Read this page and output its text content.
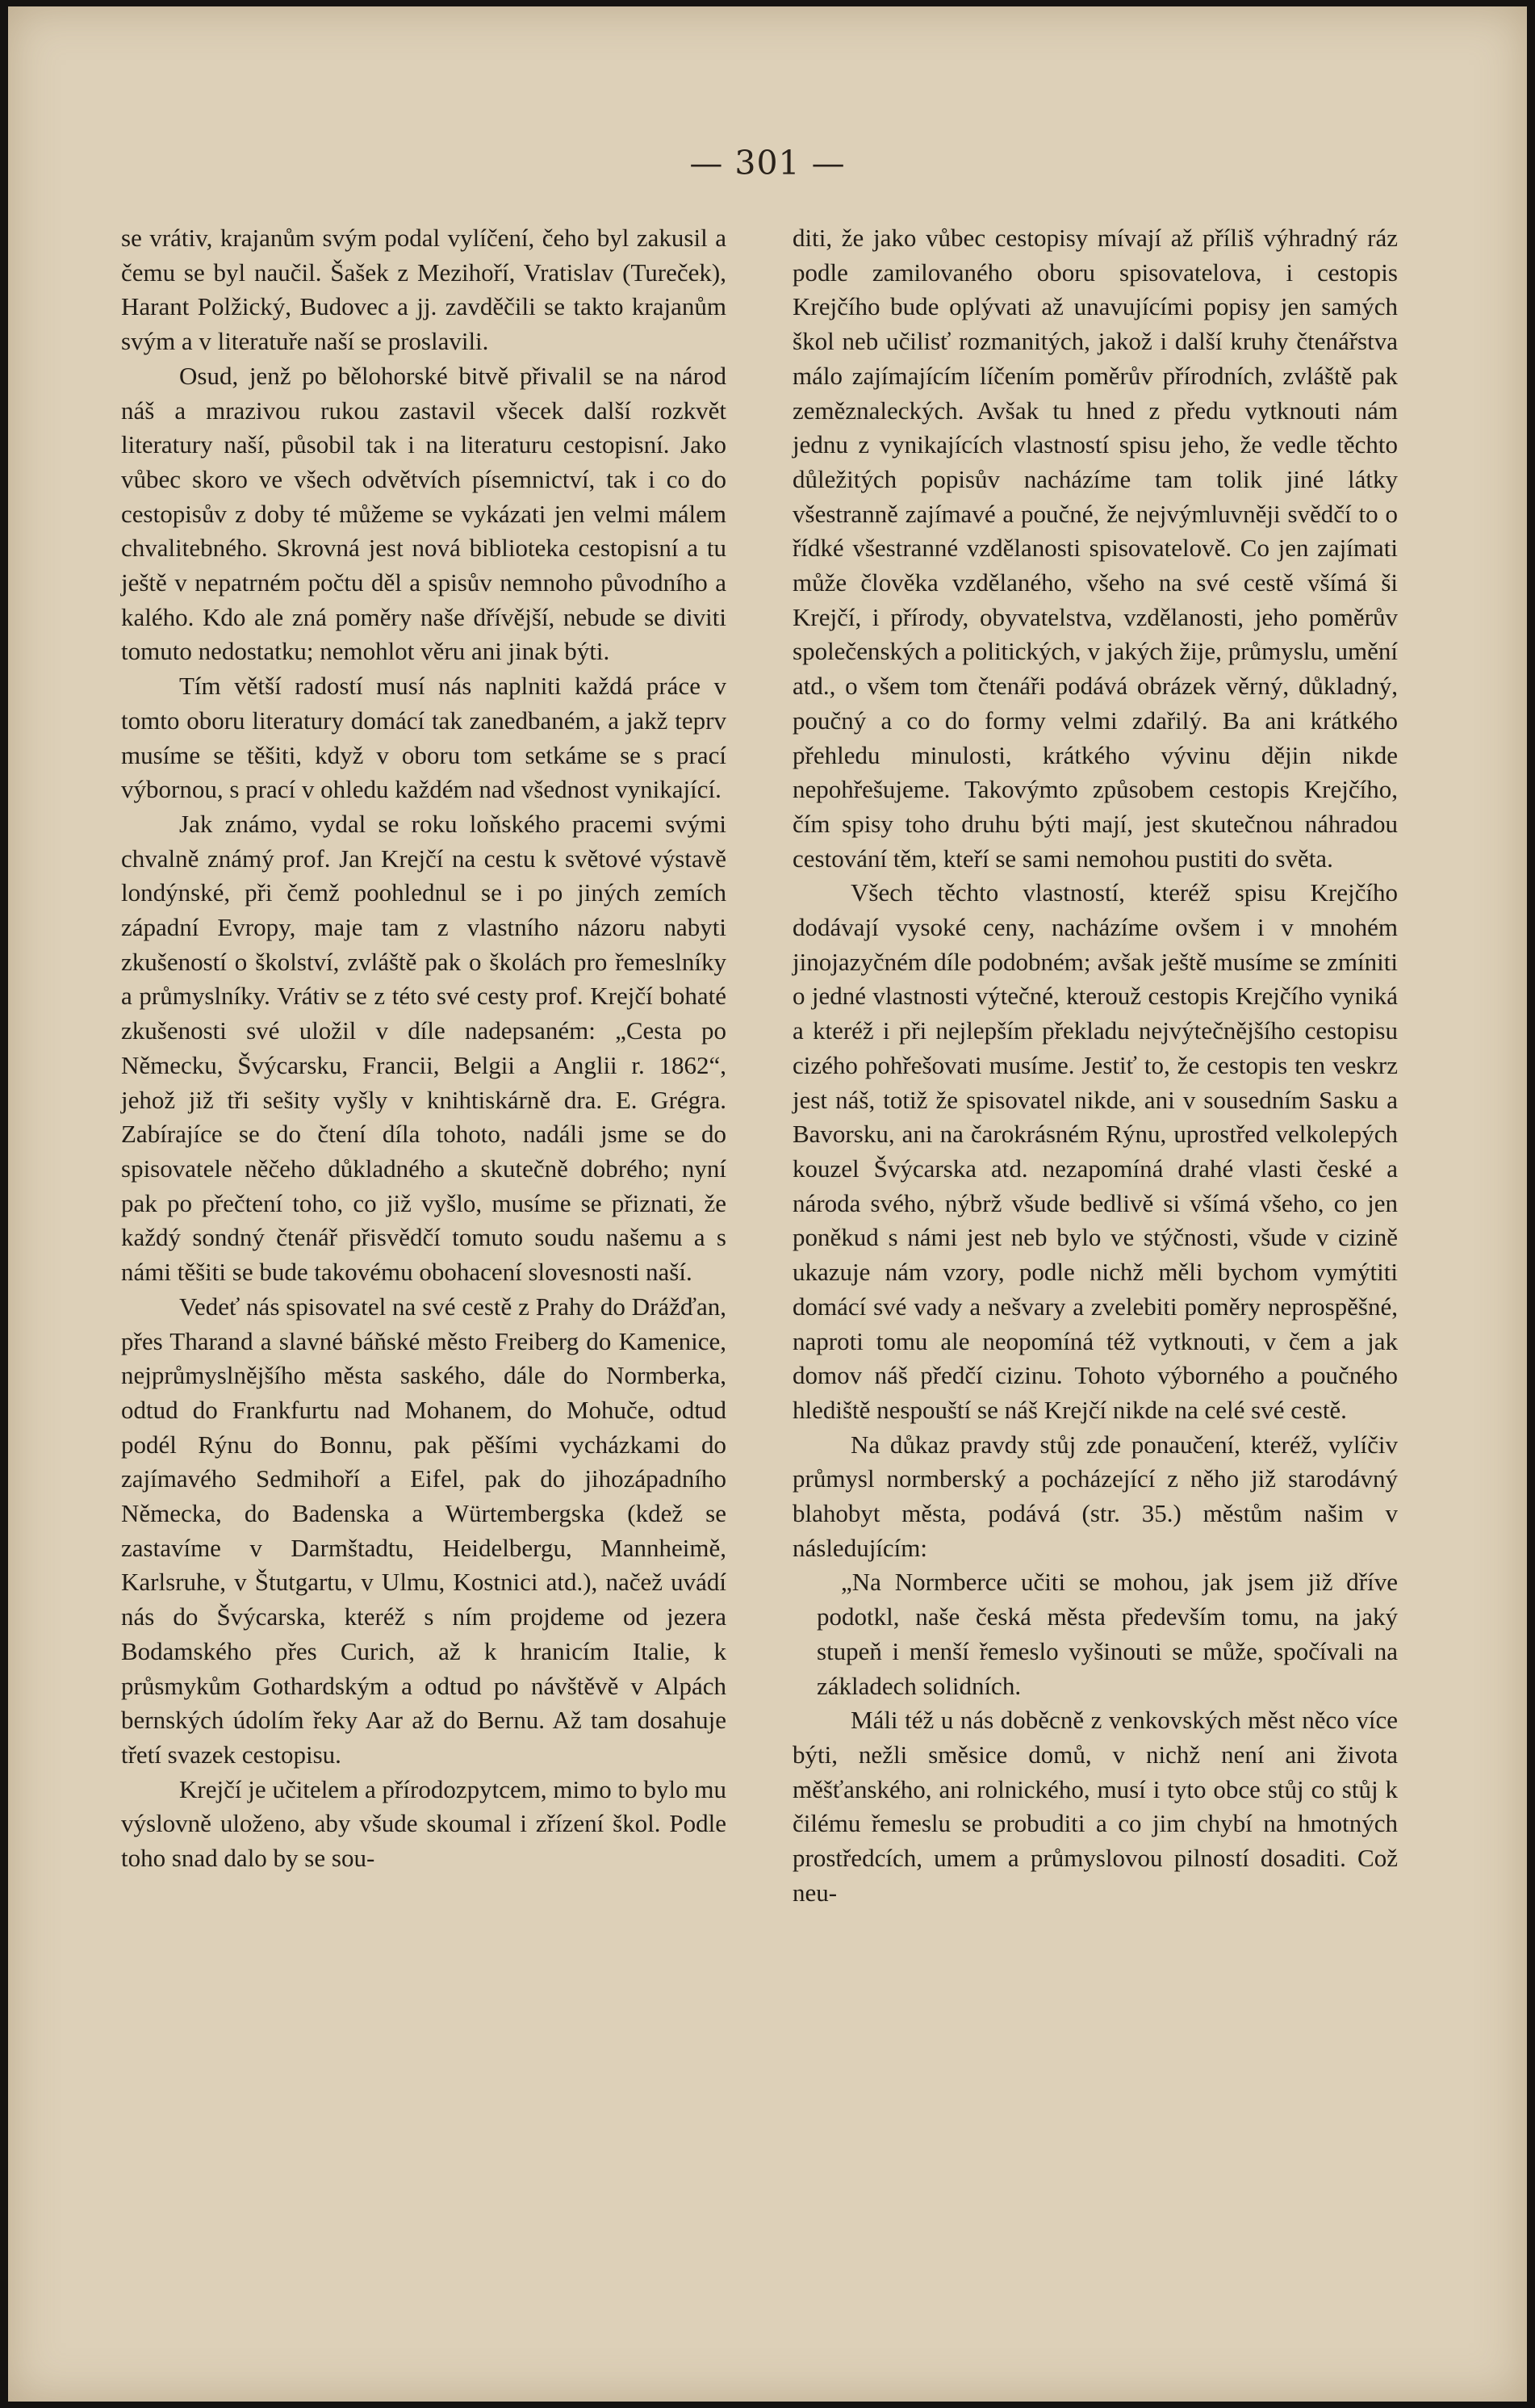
— 301 —

se vrátiv, krajanům svým podal vylíčení, čeho byl zakusil a čemu se byl naučil. Šašek z Mezihoří, Vratislav (Tureček), Harant Polžický, Budovec a jj. zavděčili se takto krajanům svým a v literatuře naší se proslavili.

Osud, jenž po bělohorské bitvě přivalil se na národ náš a mrazivou rukou zastavil všecek další rozkvět literatury naší, působil tak i na literaturu cestopisní. Jako vůbec skoro ve všech odvětvích písemnictví, tak i co do cestopisův z doby té můžeme se vykázati jen velmi málem chvalitebného. Skrovná jest nová biblioteka cestopisní a tu ještě v nepatrném počtu děl a spisův nemnoho původního a kalého. Kdo ale zná poměry naše dřívější, nebude se diviti tomuto nedostatku; nemohlot věru ani jinak býti.

Tím větší radostí musí nás naplniti každá práce v tomto oboru literatury domácí tak zanedbaném, a jakž teprv musíme se těšiti, když v oboru tom setkáme se s prací výbornou, s prací v ohledu každém nad všednost vynikající.

Jak známo, vydal se roku loňského pracemi svými chvalně známý prof. Jan Krejčí na cestu k světové výstavě londýnské, při čemž poohlednul se i po jiných zemích západní Evropy, maje tam z vlastního názoru nabyti zkušeností o školství, zvláště pak o školách pro řemeslníky a průmyslníky. Vrátiv se z této své cesty prof. Krejčí bohaté zkušenosti své uložil v díle nadepsaném: „Cesta po Německu, Švýcarsku, Francii, Belgii a Anglii r. 1862“, jehož již tři sešity vyšly v knihtiskárně dra. E. Grégra. Zabírajíce se do čtení díla tohoto, nadáli jsme se do spisovatele něčeho důkladného a skutečně dobrého; nyní pak po přečtení toho, co již vyšlo, musíme se přiznati, že každý sondný čtenář přisvědčí tomuto soudu našemu a s námi těšiti se bude takovému obohacení slovesnosti naší.

Vedeť nás spisovatel na své cestě z Prahy do Drážďan, přes Tharand a slavné báňské město Freiberg do Kamenice, nejprůmyslnějšího města saského, dále do Normberka, odtud do Frankfurtu nad Mohanem, do Mohuče, odtud podél Rýnu do Bonnu, pak pěšími vycházkami do zajímavého Sedmihoří a Eifel, pak do jihozápadního Německa, do Badenska a Würtembergska (kdež se zastavíme v Darmštadtu, Heidelbergu, Mannheimě, Karlsruhe, v Štutgartu, v Ulmu, Kostnici atd.), načež uvádí nás do Švýcarska, kteréž s ním projdeme od jezera Bodamského přes Curich, až k hranicím Italie, k průsmykům Gothardským a odtud po návštěvě v Alpách bernských údolím řeky Aar až do Bernu. Až tam dosahuje třetí svazek cestopisu.

Krejčí je učitelem a přírodozpytcem, mimo to bylo mu výslovně uloženo, aby všude skoumal i zřízení škol. Podle toho snad dalo by se sou-

diti, že jako vůbec cestopisy mívají až příliš výhradný ráz podle zamilovaného oboru spisovatelova, i cestopis Krejčího bude oplývati až unavujícími popisy jen samých škol neb učilisť rozmanitých, jakož i další kruhy čtenářstva málo zajímajícím líčením poměrův přírodních, zvláště pak zeměznaleckých. Avšak tu hned z předu vytknouti nám jednu z vynikajících vlastností spisu jeho, že vedle těchto důležitých popisův nacházíme tam tolik jiné látky všestranně zajímavé a poučné, že nejvýmluvněji svědčí to o řídké všestranné vzdělanosti spisovatelově. Co jen zajímati může člověka vzdělaného, všeho na své cestě všímá ši Krejčí, i přírody, obyvatelstva, vzdělanosti, jeho poměrův společenských a politických, v jakých žije, průmyslu, umění atd., o všem tom čtenáři podává obrázek věrný, důkladný, poučný a co do formy velmi zdařilý. Ba ani krátkého přehledu minulosti, krátkého vývinu dějin nikde nepohřešujeme. Takovýmto způsobem cestopis Krejčího, čím spisy toho druhu býti mají, jest skutečnou náhradou cestování těm, kteří se sami nemohou pustiti do světa.

Všech těchto vlastností, kteréž spisu Krejčího dodávají vysoké ceny, nacházíme ovšem i v mnohém jinojazyčném díle podobném; avšak ještě musíme se zmíniti o jedné vlastnosti výtečné, kterouž cestopis Krejčího vyniká a kteréž i při nejlepším překladu nejvýtečnějšího cestopisu cizého pohřešovati musíme. Jestiť to, že cestopis ten veskrz jest náš, totiž že spisovatel nikde, ani v sousedním Sasku a Bavorsku, ani na čarokrásném Rýnu, uprostřed velkolepých kouzel Švýcarska atd. nezapomíná drahé vlasti české a národa svého, nýbrž všude bedlivě si všímá všeho, co jen poněkud s námi jest neb bylo ve stýčnosti, všude v cizině ukazuje nám vzory, podle nichž měli bychom vymýtiti domácí své vady a nešvary a zvelebiti poměry neprospěšné, naproti tomu ale neopomíná též vytknouti, v čem a jak domov náš předčí cizinu. Tohoto výborného a poučného hlediště nespouští se náš Krejčí nikde na celé své cestě.

Na důkaz pravdy stůj zde ponaučení, kteréž, vylíčiv průmysl normberský a pocházející z něho již starodávný blahobyt města, podává (str. 35.) městům našim v následujícím:

„Na Normberce učiti se mohou, jak jsem již dříve podotkl, naše česká města především tomu, na jaký stupeň i menší řemeslo vyšinouti se může, spočívali na základech solidních.

Máli též u nás doběcně z venkovských měst něco více býti, nežli směsice domů, v nichž není ani života měšťanského, ani rolnického, musí i tyto obce stůj co stůj k čilému řemeslu se probuditi a co jim chybí na hmotných prostředcích, umem a průmyslovou pilností dosaditi. Což neu-
